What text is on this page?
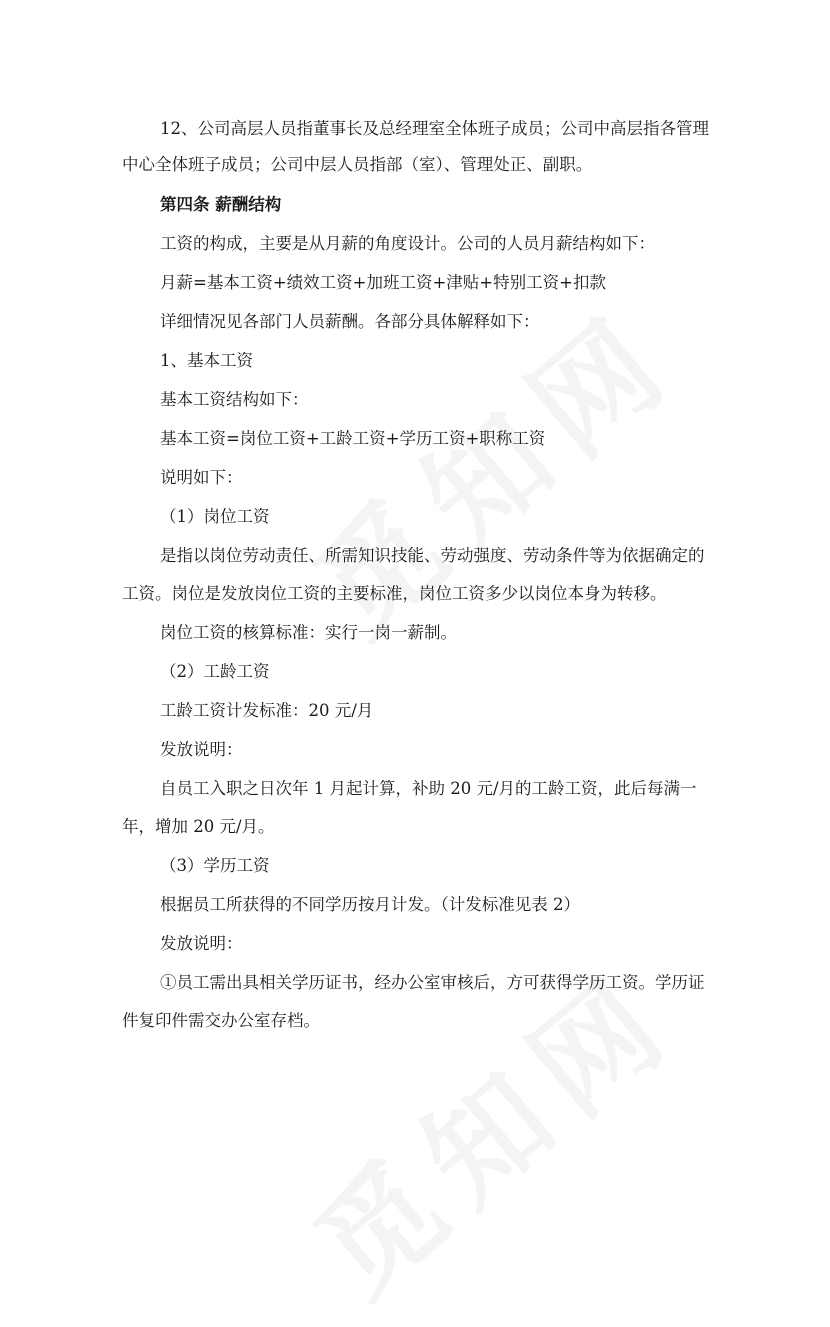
12、公司高层人员指董事长及总经理室全体班子成员；公司中高层指各管理
中心全体班子成员；公司中层人员指部（室）、管理处正、副职。
第四条 薪酬结构
工资的构成，主要是从月薪的角度设计。公司的人员月薪结构如下：
月薪=基本工资+绩效工资+加班工资+津贴+特别工资+扣款
详细情况见各部门人员薪酬。各部分具体解释如下：
1、基本工资
基本工资结构如下：
基本工资=岗位工资+工龄工资+学历工资+职称工资
说明如下：
（1）岗位工资
是指以岗位劳动责任、所需知识技能、劳动强度、劳动条件等为依据确定的
工资。岗位是发放岗位工资的主要标准，岗位工资多少以岗位本身为转移。
岗位工资的核算标准：实行一岗一薪制。
（2）工龄工资
工龄工资计发标准：20 元/月
发放说明：
自员工入职之日次年 1 月起计算，补助 20 元/月的工龄工资，此后每满一
年，增加 20 元/月。
（3）学历工资
根据员工所获得的不同学历按月计发。（计发标准见表 2）
发放说明：
①员工需出具相关学历证书，经办公室审核后，方可获得学历工资。学历证
件复印件需交办公室存档。
